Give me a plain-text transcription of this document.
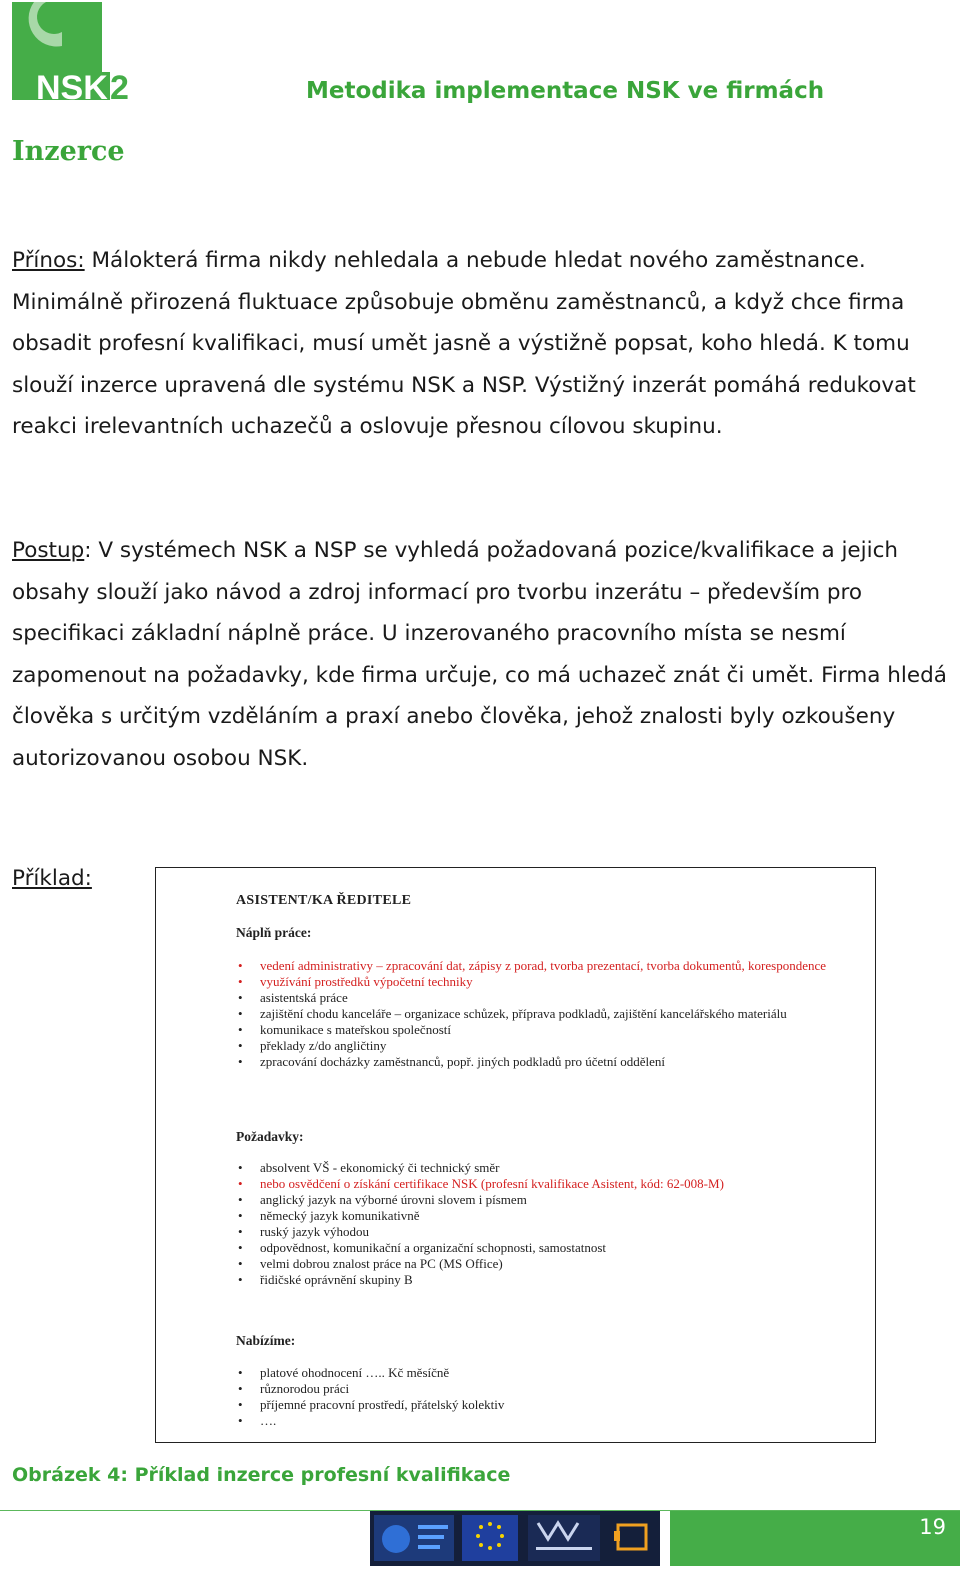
NSK 2	Metodika implementace NSK ve firmách
Inzerce
Přínos: Málokterá firma nikdy nehledala a nebude hledat nového zaměstnance. Minimálně přirozená fluktuace způsobuje obměnu zaměstnanců, a když chce firma obsadit profesní kvalifikaci, musí umět jasně a výstižně popsat, koho hledá. K tomu slouží inzerce upravená dle systému NSK a NSP. Výstižný inzerát pomáhá redukovat reakci irelevantních uchazečů a oslovuje přesnou cílovou skupinu.
Postup: V systémech NSK a NSP se vyhledá požadovaná pozice/kvalifikace a jejich obsahy slouží jako návod a zdroj informací pro tvorbu inzerátu – především pro specifikaci základní náplně práce. U inzerovaného pracovního místa se nesmí zapomenout na požadavky, kde firma určuje, co má uchazeč znát či umět. Firma hledá člověka s určitým vzděláním a praxí anebo člověka, jehož znalosti byly ozkoušeny autorizovanou osobou NSK.
Příklad:
ASISTENT/KA ŘEDITELE
Náplň práce:
• vedení administrativy – zpracování dat, zápisy z porad, tvorba prezentací, tvorba dokumentů, korespondence
• využívání prostředků výpočetní techniky
• asistentská práce
• zajištění chodu kanceláře – organizace schůzek, příprava podkladů, zajištění kancelářského materiálu
• komunikace s mateřskou společností
• překlady z/do angličtiny
• zpracování docházky zaměstnanců, popř. jiných podkladů pro účetní oddělení
Požadavky:
• absolvent VŠ - ekonomický či technický směr
• nebo osvědčení o získání certifikace NSK (profesní kvalifikace Asistent, kód: 62-008-M)
• anglický jazyk na výborné úrovni slovem i písmem
• německý jazyk komunikativně
• ruský jazyk výhodou
• odpovědnost, komunikační a organizační schopnosti, samostatnost
• velmi dobrou znalost práce na PC (MS Office)
• řidičské oprávnění skupiny B
Nabízíme:
• platové ohodnocení ….. Kč měsíčně
• různorodou práci
• příjemné pracovní prostředí, přátelský kolektiv
• ….
Obrázek 4: Příklad inzerce profesní kvalifikace
19
